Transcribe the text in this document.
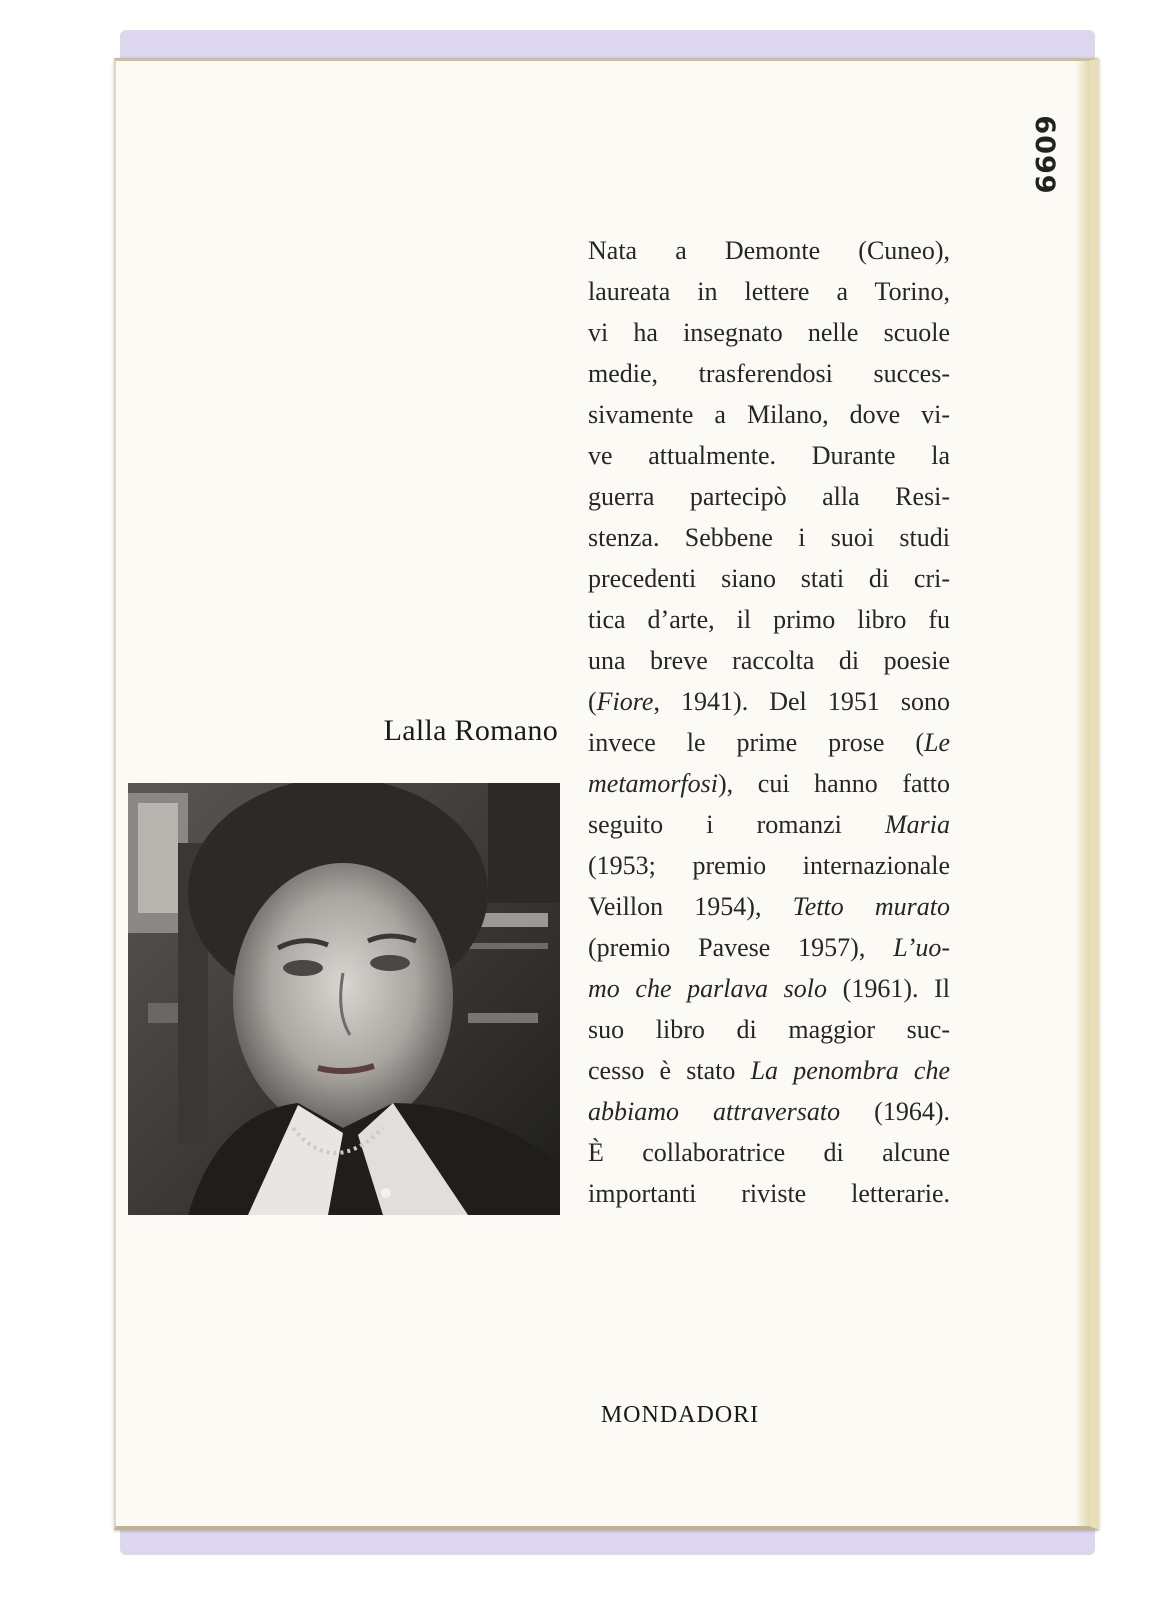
6099
Lalla Romano
Nata a Demonte (Cuneo),
laureata in lettere a Torino,
vi ha insegnato nelle scuole
medie, trasferendosi succes-
sivamente a Milano, dove vi-
ve attualmente. Durante la
guerra partecipò alla Resi-
stenza. Sebbene i suoi studi
precedenti siano stati di cri-
tica d’arte, il primo libro fu
una breve raccolta di poesie
(Fiore, 1941). Del 1951 sono
invece le prime prose (Le
metamorfosi), cui hanno fatto
seguito i romanzi Maria
(1953; premio internazionale
Veillon 1954), Tetto murato
(premio Pavese 1957), L’uo-
mo che parlava solo (1961). Il
suo libro di maggior suc-
cesso è stato La penombra che
abbiamo attraversato (1964).
È collaboratrice di alcune
importanti riviste letterarie.
MONDADORI
